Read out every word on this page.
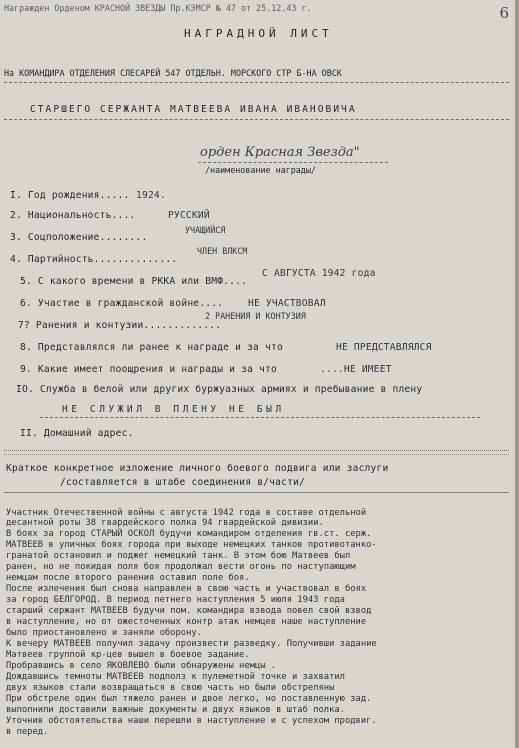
Награжден Орденом КРАСНОЙ ЗВЕЗДЫ Пр.КЭМСР № 47 от 25.12.43 г.	6
НАГРАДНОЙ ЛИСТ
На КОМАНДИРА ОТДЕЛЕНИЯ СЛЕСАРЕЙ 547 ОТДЕЛЬН. МОРСКОГО СТР Б-НА ОВСК
СТАРШЕГО СЕРЖАНТА МАТВЕЕВА ИВАНА ИВАНОВИЧА
орден Красная Звезда"
/наименование награды/
I. Год рождения..... 1924.
2. Национальность....	РУССКИЙ
3. Соцположение........
УЧАЩИЙСЯ
4. Партийность..............
ЧЛЕН ВЛКСМ
5. С какого времени в РККА или ВМФ....
С АВГУСТА 1942 года
6. Участие в гражданской войне....	НЕ УЧАСТВОВАЛ
7? Ранения и контузии.............
2 РАНЕНИЯ И КОНТУЗИЯ
8. Представлялся ли ранее к награде и за что	НЕ ПРЕДСТАВЛЯЛСЯ
9. Какие имеет поощрения и награды и за что	....НЕ ИМЕЕТ
IO. Служба в белой или других буржуазных армиях и пребывание в плену
НЕ СЛУЖИЛ В ПЛЕНУ НЕ БЫЛ
II. Домашний адрес.
Краткое конкретное изложение личного боевого подвига или заслуги
/составляется в штабе соединения в/части/
Участник Отечественной войны с августа 1942 года в составе отдельной
десантной роты 38 гвардейского полка 94 гвардейской дивизии.
В боях за город СТАРЫЙ ОСКОЛ будучи командиром отделения гв.ст. серж.
МАТВЕЕВ в уличных боях города при выходе немецких танков противотанко-
гранатой остановил и поджег немецкий танк. В этом бою Матвеев был
ранен, но не покидая поля боя продолжал вести огонь по наступающим
немцам после второго ранения оставил поле боя.
После излечения был снова направлен в свою часть и участвовал в боях
за город БЕЛГОРОД. В период летнего наступления 5 июля 1943 года
старший сержант МАТВЕЕВ будучи пом. командира взвода повел свой взвод
в наступление, но от ожесточенных контр атак немцев наше наступление
было приостановлено и заняли оборону.
К вечеру МАТВЕЕВ получил задачу произвести разведку. Получивши задание
Матвеев группой кр-цев вышел в боевое задание.
Пробравшись в село ЯКОВЛЕВО были обнаружены немцы .
Дождавшись темноты МАТВЕЕВ подполз к пулеметной точке и захватил
двух языков стали возвращаться в свою часть но были обстреляны
При обстреле один был тяжело ранен и двое легко, но поставленную зад.
выполнили доставили важные документы и двух языков в штаб полка.
Уточнив обстоятельства наши перешли в наступление и с успехом продвиг.
в перед.
